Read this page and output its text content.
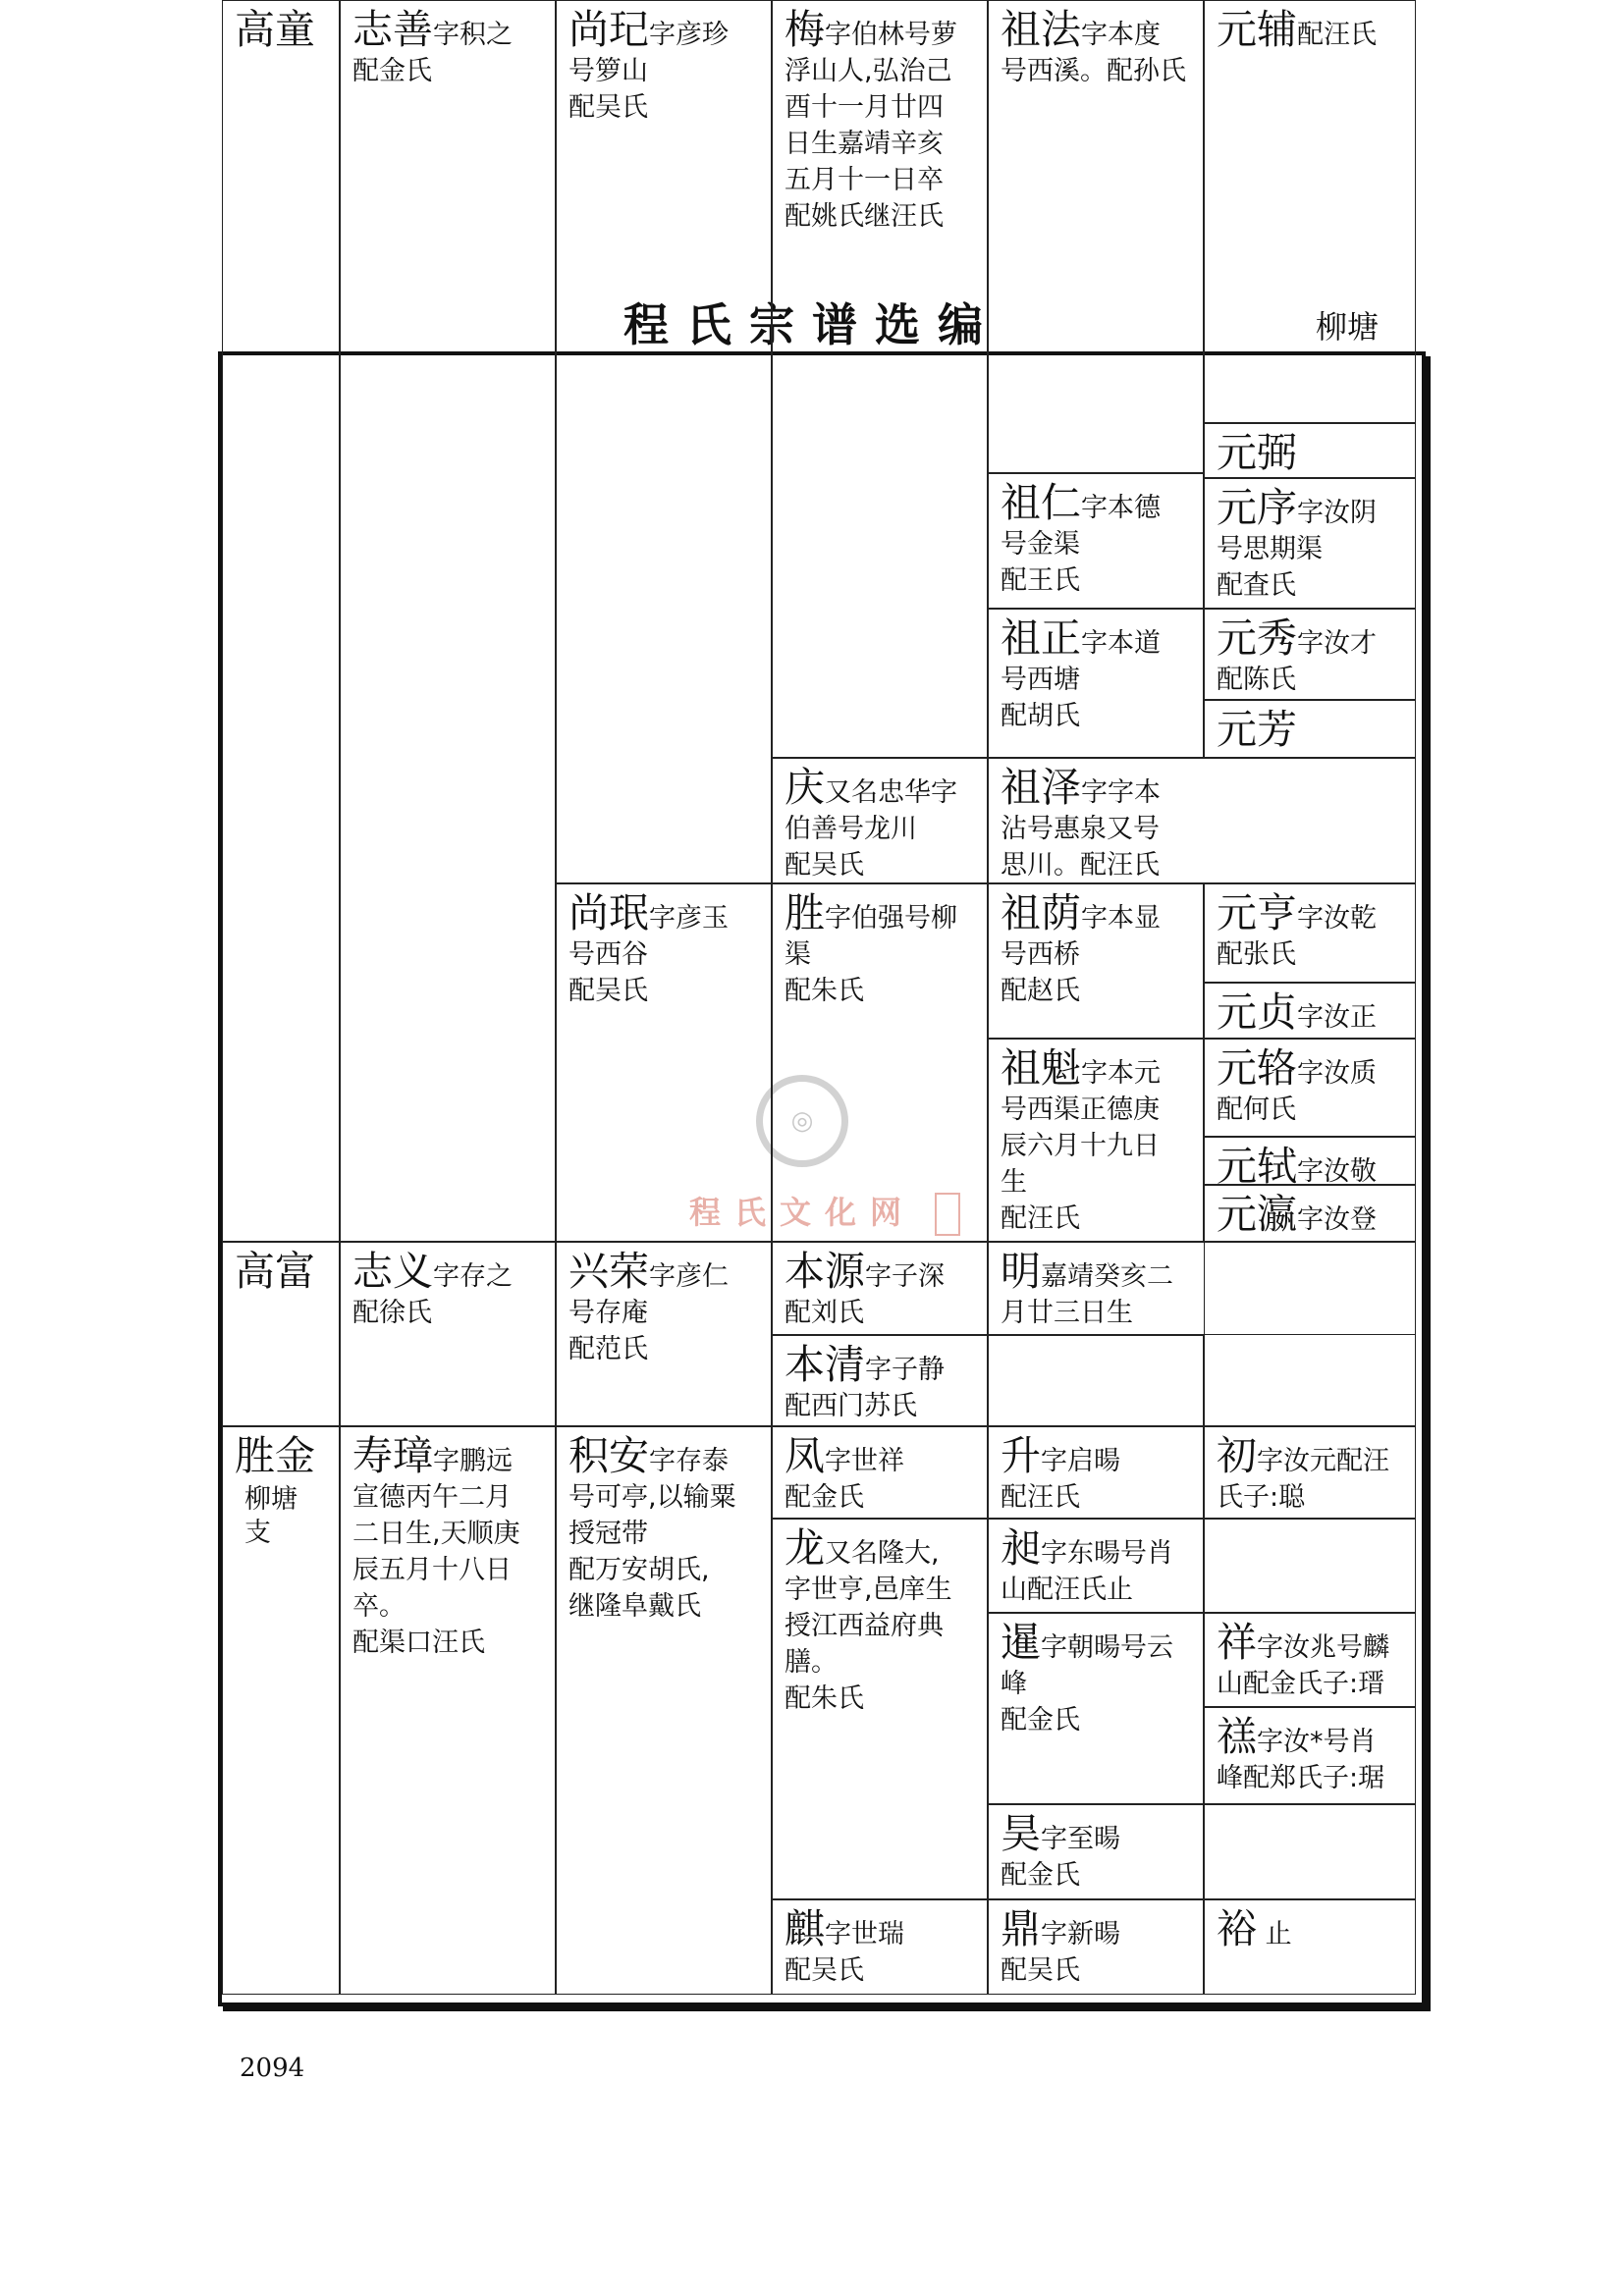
程氏宗谱选编	柳塘
◎
程氏文化网
2094
高童 志善字积之
配金氏
尚玘字彦珍
号箩山
配吴氏
梅字伯林号萝
浮山人,弘治己
酉十一月廿四
日生嘉靖辛亥
五月十一日卒
配姚氏继汪氏
祖法字本度
号西溪。配孙氏
元辅配汪氏
元弼
祖仁字本德
号金渠
配王氏
元序字汝阴
号思期渠
配査氏
祖正字本道
号西塘
配胡氏
元秀字汝才
配陈氏
元芳
庆又名忠华字
伯善号龙川
配吴氏
祖泽字字本
沾号惠泉又号
思川。配汪氏
尚珉字彦玉
号西谷
配吴氏
胜字伯强号柳
渠
配朱氏
祖荫字本显
号西桥
配赵氏
元亨字汝乾
配张氏
元贞字汝正
祖魁字本元
号西渠正德庚
辰六月十九日
生
配汪氏
元辂字汝质
配何氏
元轼字汝敬
元瀛字汝登
高富 志义字存之
配徐氏
兴荣字彦仁
号存庵
配范氏
本源字子深
配刘氏
明嘉靖癸亥二
月廿三日生
本清字子静
配西门苏氏
胜金
柳塘
支
寿璋字鹏远
宣德丙午二月
二日生,天顺庚
辰五月十八日
卒。
配渠口汪氏
积安字存泰
号可亭,以输粟
授冠带
配万安胡氏,
继隆阜戴氏
凤字世祥
配金氏
升字启暘
配汪氏
初字汝元配汪
氏子:聪
龙又名隆大,
字世亨,邑庠生
授江西益府典
膳。
配朱氏
昶字东暘号肖
山配汪氏止
暹字朝暘号云
峰
配金氏
祥字汝兆号麟
山配金氏子:瑨
禚字汝*号肖
峰配郑氏子:琚
昊字至暘
配金氏
麒字世瑞
配吴氏
鼎字新暘
配吴氏
裕 止
